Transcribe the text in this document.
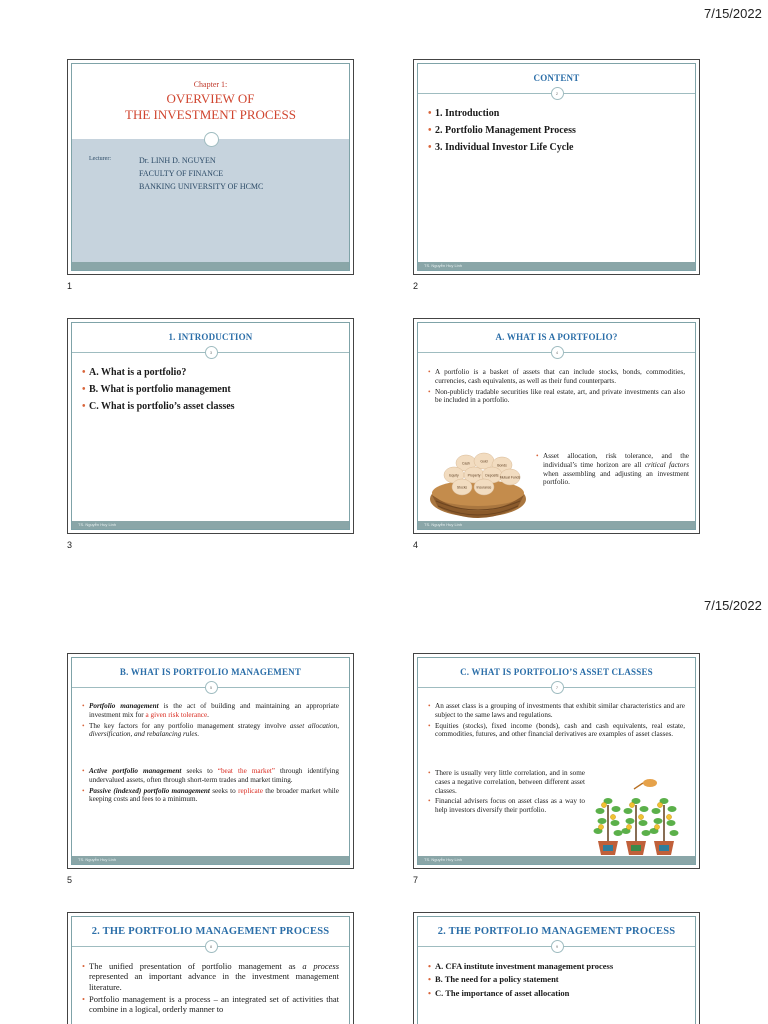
7/15/2022
Chapter 1:
OVERVIEW OF
THE INVESTMENT PROCESS
Lecturer:	Dr. LINH D. NGUYEN
FACULTY OF FINANCE
BANKING UNIVERSITY OF HCMC
1
CONTENT
2
• 1. Introduction
• 2. Portfolio Management Process
• 3. Individual Investor Life Cycle
TS. Nguyễn Huy Linh
2
1. INTRODUCTION
3
• A. What is a portfolio?
• B. What is portfolio management
• C. What is portfolio’s asset classes
TS. Nguyễn Huy Linh
3
A. WHAT IS A PORTFOLIO?
4
• A portfolio is a basket of assets that can include stocks, bonds, commodities, currencies, cash equivalents, as well as their fund counterparts.
• Non-publicly tradable securities like real estate, art, and private investments can also be included in a portfolio.
Cash	Gold
Bonds
Equity	Property Deposits Mutual Funds
Stocks	Insurance
• Asset allocation, risk tolerance, and the individual’s time horizon are all critical factors when assembling and adjusting an investment portfolio.
TS. Nguyễn Huy Linh
4
7/15/2022
B. WHAT IS PORTFOLIO MANAGEMENT
5
• Portfolio management is the act of building and maintaining an appropriate investment mix for a given risk tolerance.
• The key factors for any portfolio management strategy involve asset allocation, diversification, and rebalancing rules.
• Active portfolio management seeks to “beat the market” through identifying undervalued assets, often through short-term trades and market timing.
• Passive (indexed) portfolio management seeks to replicate the broader market while keeping costs and fees to a minimum.
TS. Nguyễn Huy Linh
5
C. WHAT IS PORTFOLIO’S ASSET CLASSES
7
• An asset class is a grouping of investments that exhibit similar characteristics and are subject to the same laws and regulations.
• Equities (stocks), fixed income (bonds), cash and cash equivalents, real estate, commodities, futures, and other financial derivatives are examples of asset classes.
• There is usually very little correlation, and in some cases a negative correlation, between different asset classes.
• Financial advisers focus on asset class as a way to help investors diversify their portfolio.
TS. Nguyễn Huy Linh
7
2. THE PORTFOLIO MANAGEMENT PROCESS
8
• The unified presentation of portfolio management as a process represented an important advance in the investment management literature.
• Portfolio management is a process – an integrated set of activities that combine in a logical, orderly manner to
2. THE PORTFOLIO MANAGEMENT PROCESS
9
• A. CFA institute investment management process
• B. The need for a policy statement
• C. The importance of asset allocation
